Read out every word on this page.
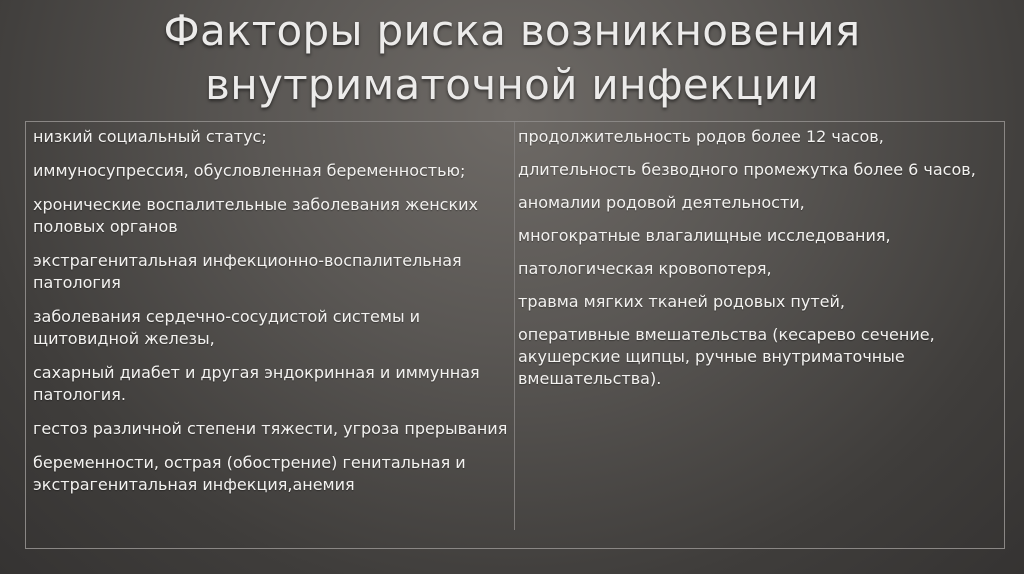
Факторы риска возникновения
внутриматочной инфекции
низкий социальный статус;
иммуносупрессия, обусловленная беременностью;
хронические воспалительные заболевания женских половых органов
экстрагенитальная инфекционно-воспалительная патология
заболевания сердечно-сосудистой системы и щитовидной железы,
сахарный диабет и другая эндокринная и иммунная патология.
гестоз различной степени тяжести, угроза прерывания
беременности, острая (обострение) генитальная и экстрагенитальная инфекция,анемия
продолжительность родов более 12 часов,
длительность безводного промежутка более 6 часов,
аномалии родовой деятельности,
многократные влагалищные исследования,
патологическая кровопотеря,
травма мягких тканей родовых путей,
оперативные вмешательства (кесарево сечение, акушерские щипцы, ручные внутриматочные вмешательства).
